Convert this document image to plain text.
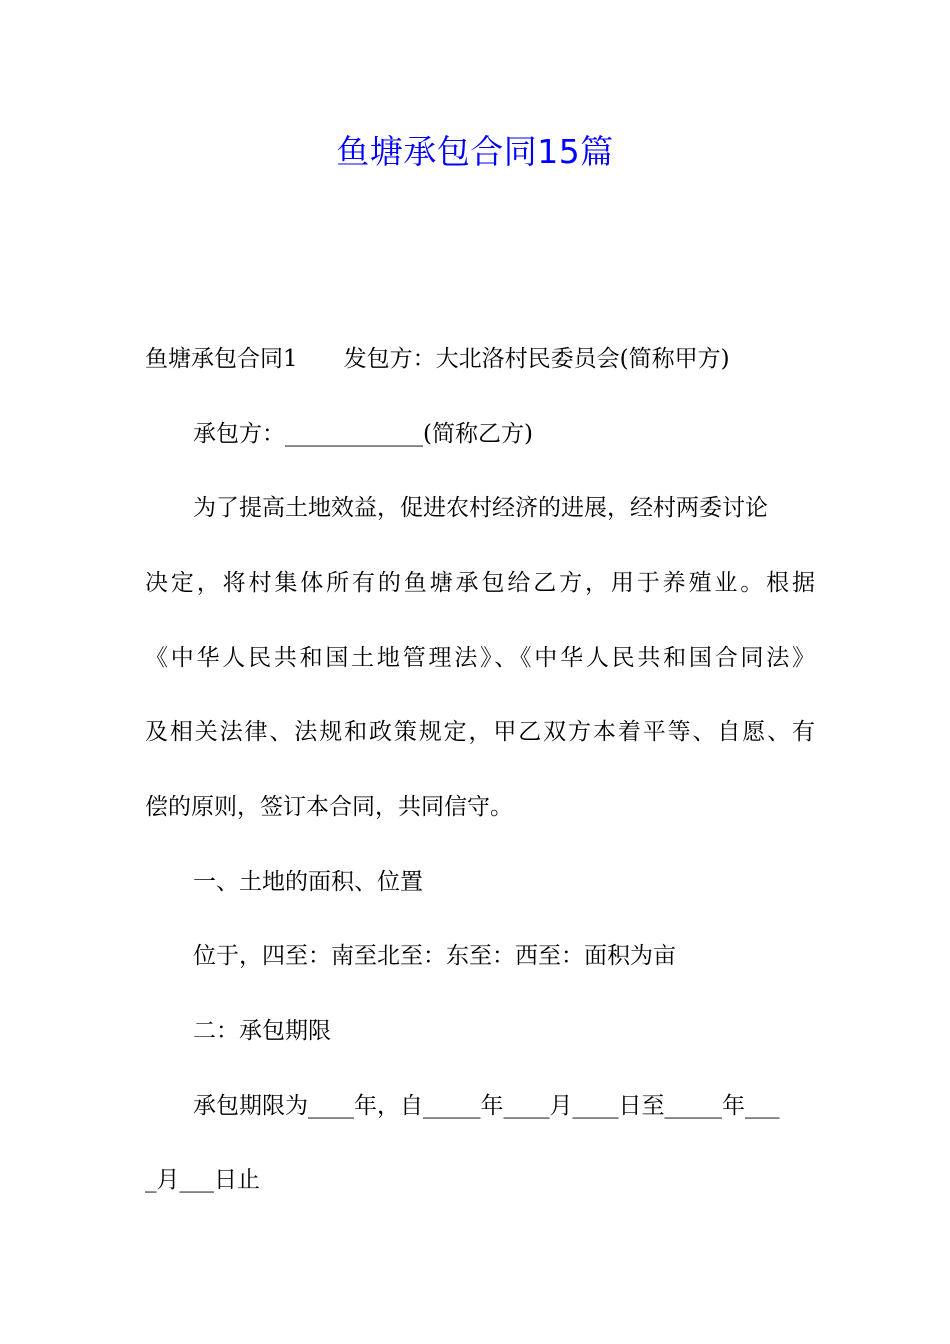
鱼塘承包合同15篇
鱼塘承包合同1 发包方：大北洛村民委员会(简称甲方)
承包方：____________(简称乙方)
为了提高土地效益，促进农村经济的进展，经村两委讨论
决定，将村集体所有的鱼塘承包给乙方，用于养殖业。根据
《中华人民共和国土地管理法》、《中华人民共和国合同法》
及相关法律、法规和政策规定，甲乙双方本着平等、自愿、有
偿的原则，签订本合同，共同信守。
一、土地的面积、位置
位于，四至：南至北至：东至：西至：面积为亩
二：承包期限
承包期限为____年，自_____年____月____日至_____年___
_月___日止
